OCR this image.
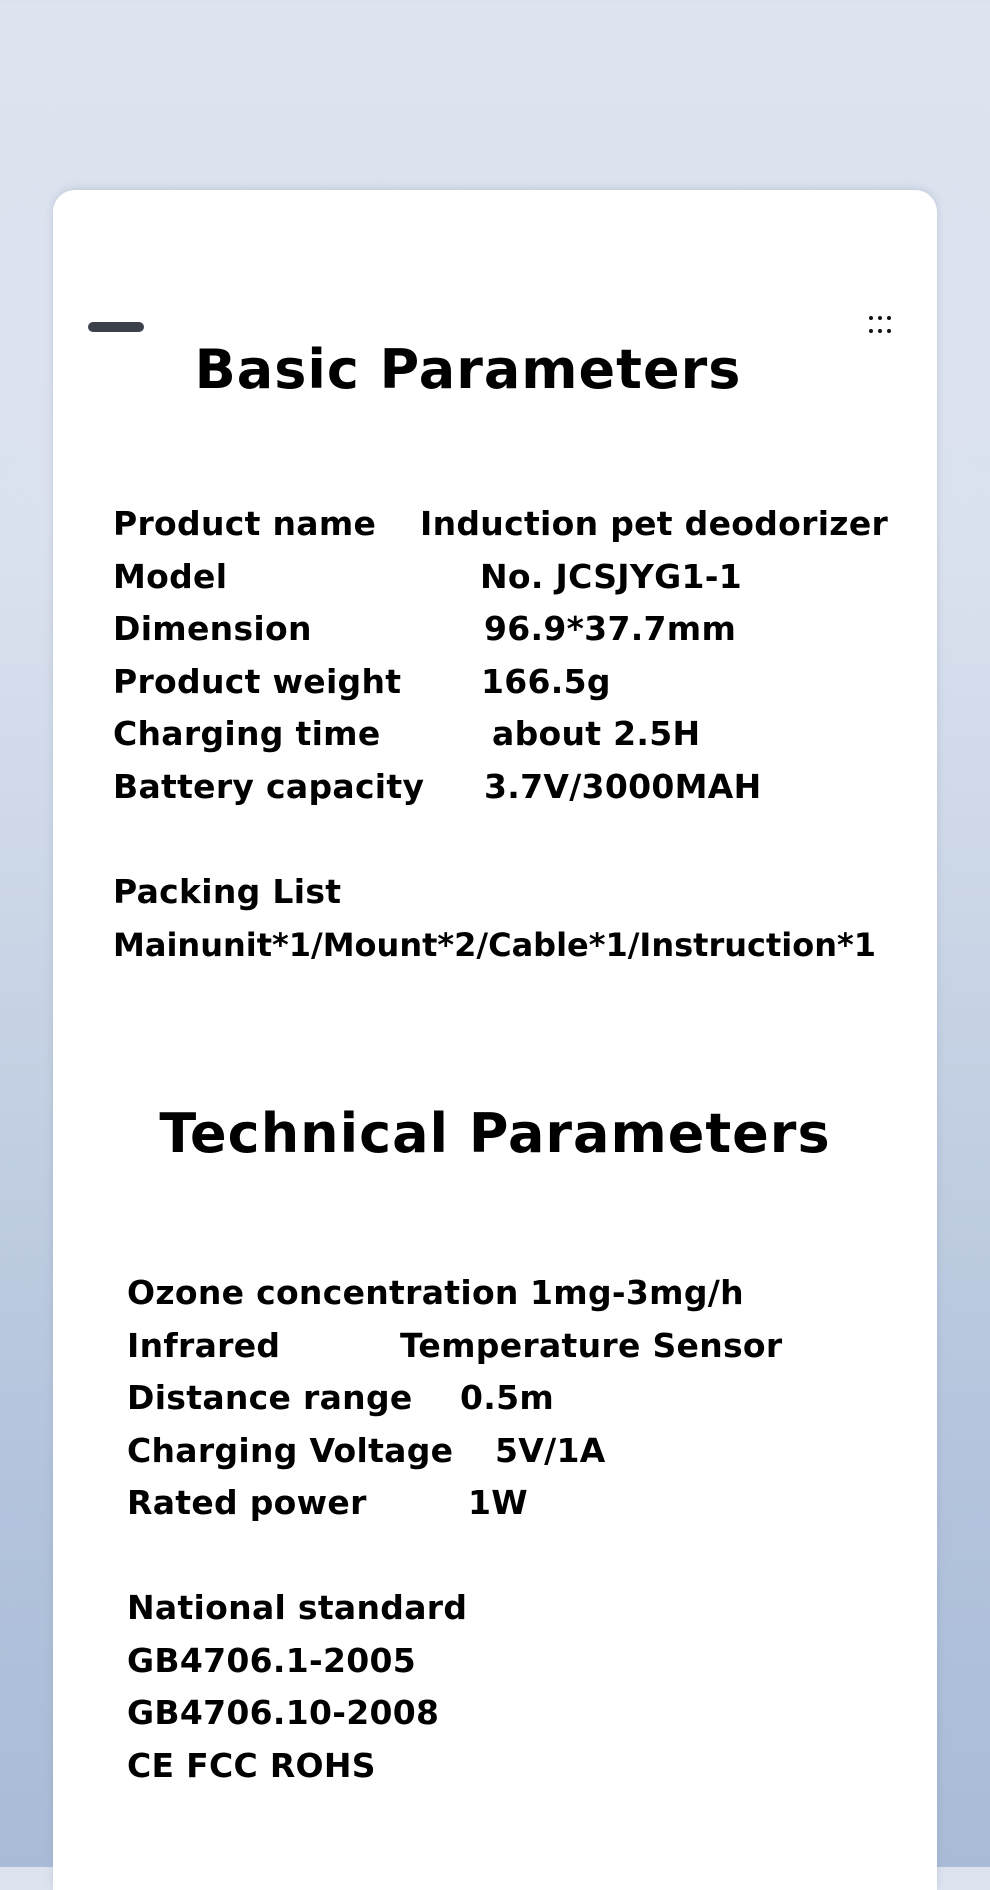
Basic Parameters
Product name Induction pet deodorizer
Model	No. JCSJYG1-1
Dimension	96.9*37.7mm
Product weight 166.5g
Charging time	about 2.5H
Battery capacity 3.7V/3000MAH
Packing List
Mainunit*1/Mount*2/Cable*1/Instruction*1
Technical Parameters
Ozone concentration 1mg-3mg/h
Infrared	Temperature Sensor
Distance range 0.5m
Charging Voltage 5V/1A
Rated power	1W
National standard
GB4706.1-2005
GB4706.10-2008
CE FCC ROHS
